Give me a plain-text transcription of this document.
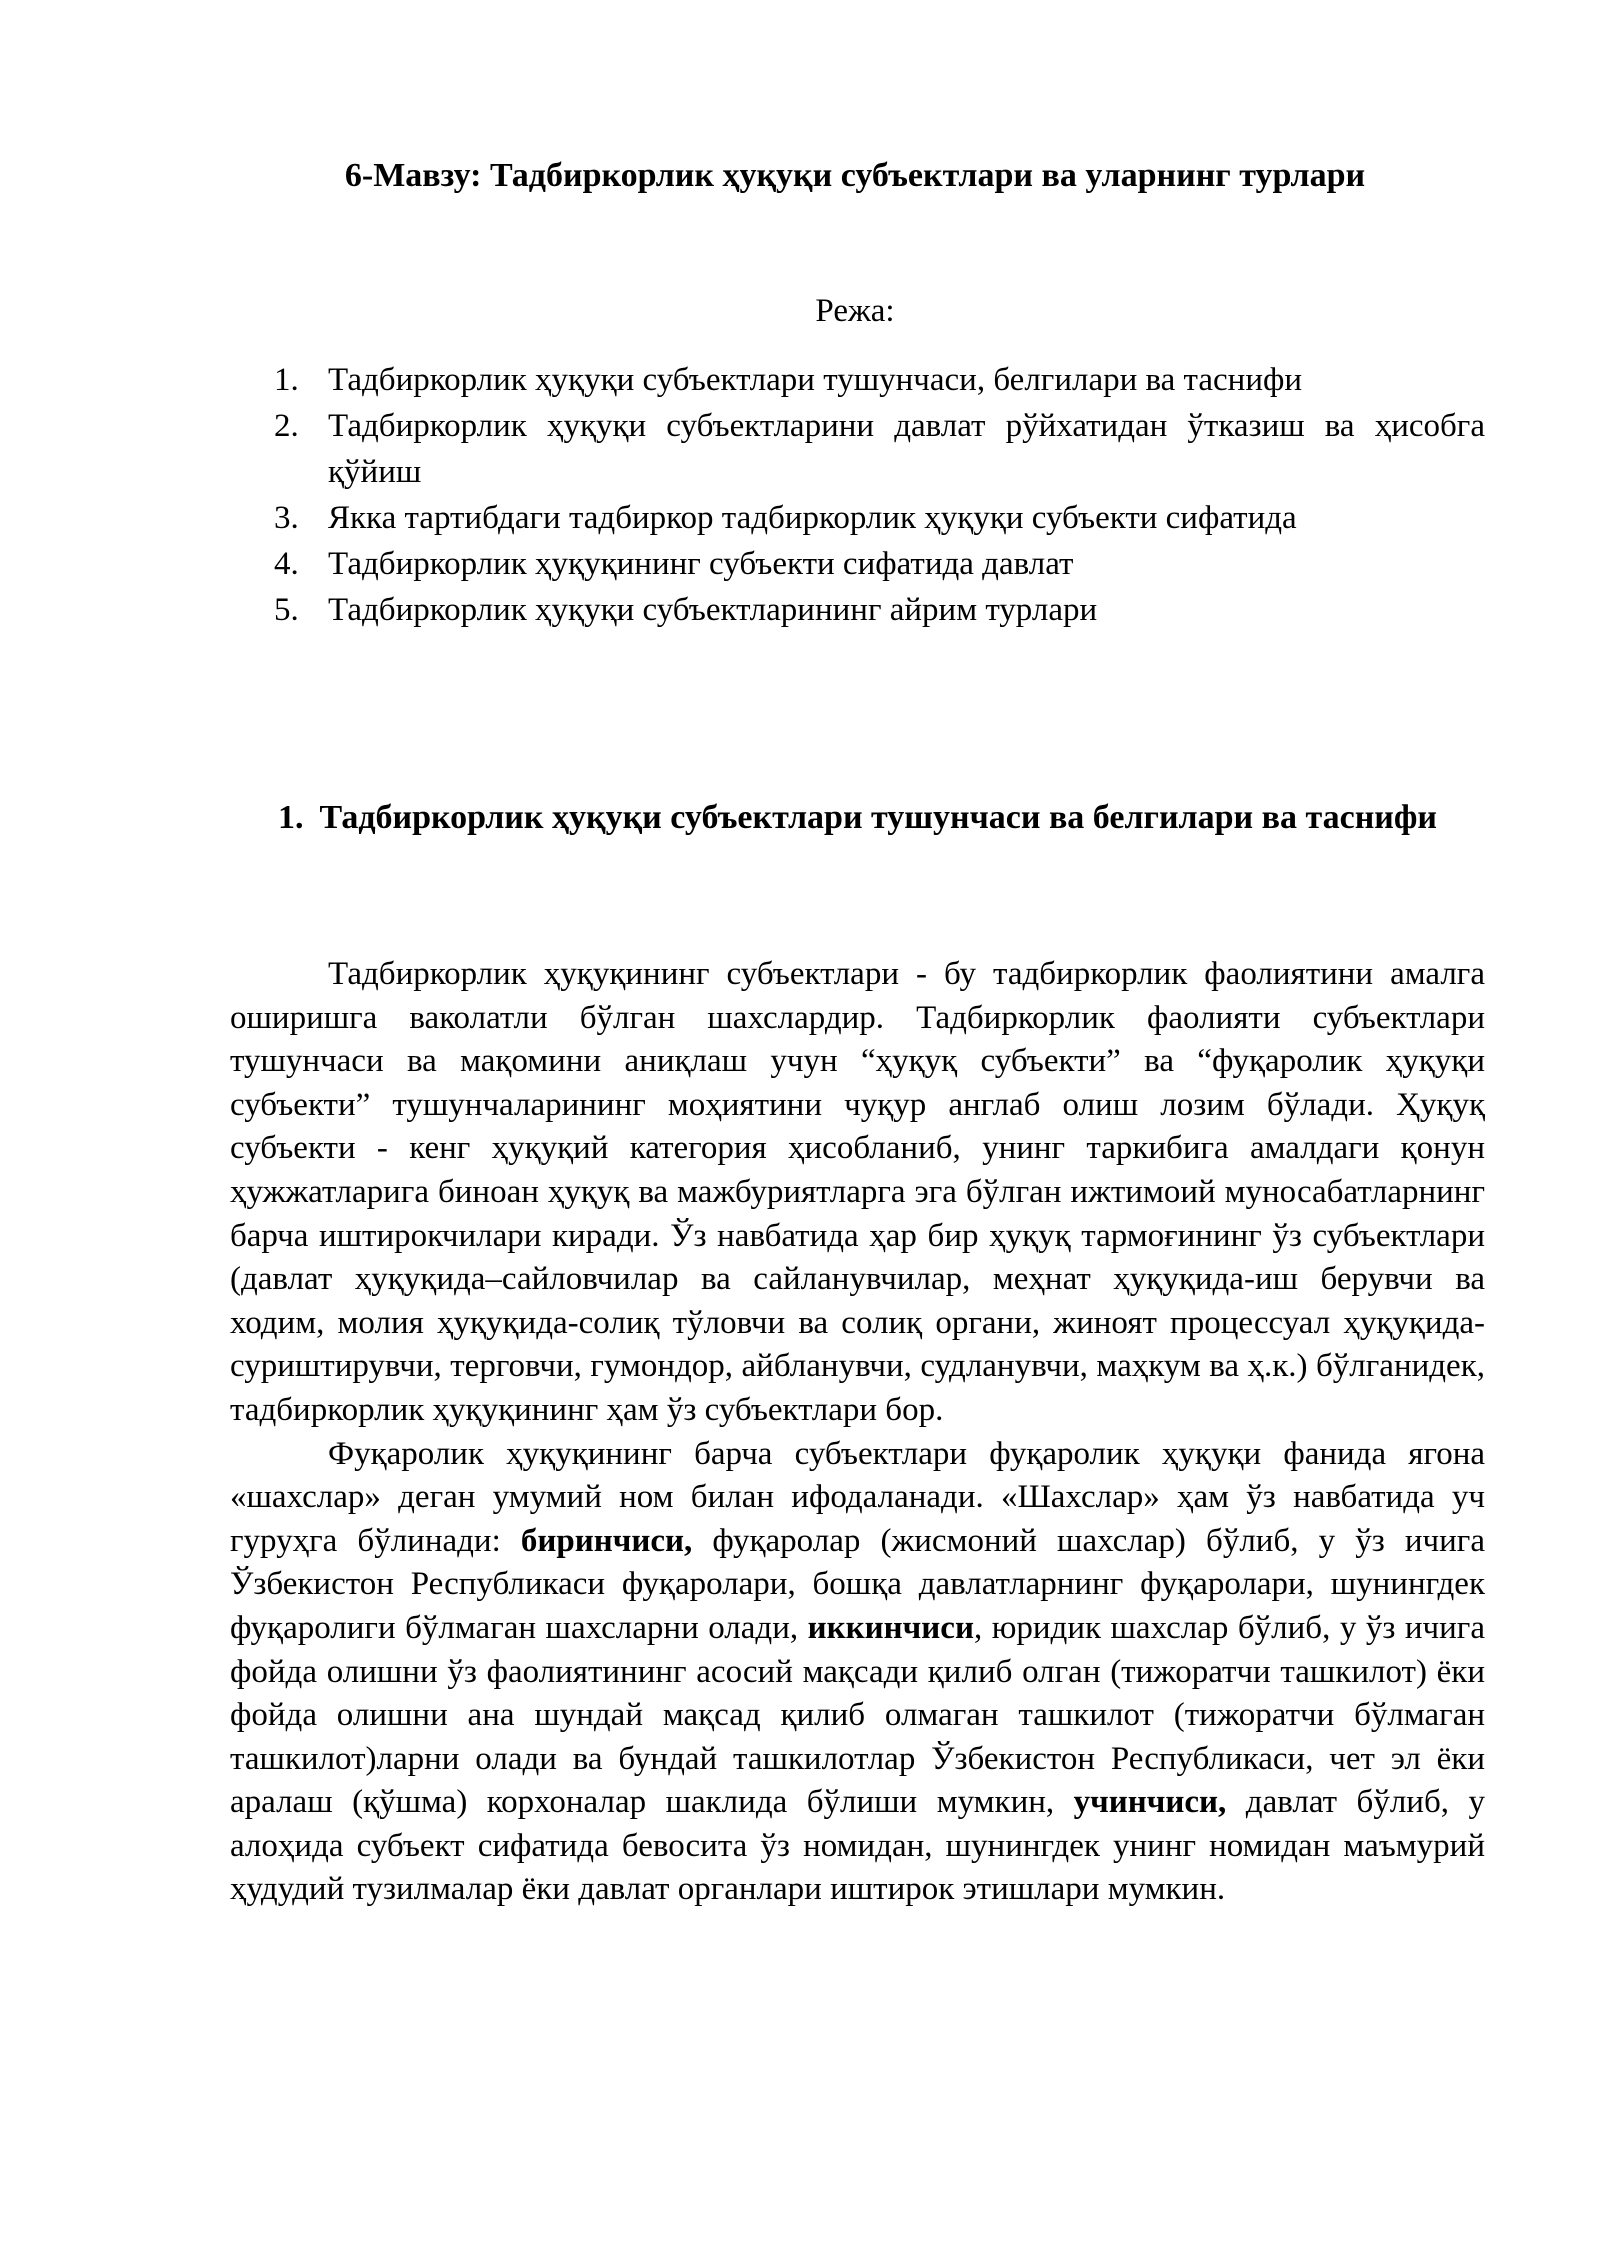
6-Мавзу: Тадбиркорлик ҳуқуқи субъектлари ва уларнинг турлари
Режа:
1. Тадбиркорлик ҳуқуқи субъектлари тушунчаси, белгилари ва таснифи
2. Тадбиркорлик ҳуқуқи субъектларини давлат рўйхатидан ўтказиш ва ҳисобга қўйиш
3. Якка тартибдаги тадбиркор тадбиркорлик ҳуқуқи субъекти сифатида
4. Тадбиркорлик ҳуқуқининг субъекти сифатида давлат
5. Тадбиркорлик ҳуқуқи субъектларининг айрим турлари
1. Тадбиркорлик ҳуқуқи субъектлари тушунчаси ва белгилари ва таснифи

Тадбиркорлик ҳуқуқининг субъектлари - бу тадбиркорлик фаолиятини амалга оширишга ваколатли бўлган шахслардир. Тадбиркорлик фаолияти субъектлари тушунчаси ва мақомини аниқлаш учун “ҳуқуқ субъекти” ва “фуқаролик ҳуқуқи субъекти” тушунчаларининг моҳиятини чуқур англаб олиш лозим бўлади. Ҳуқуқ субъекти - кенг ҳуқуқий категория ҳисобланиб, унинг таркибига амалдаги қонун ҳужжатларига биноан ҳуқуқ ва мажбуриятларга эга бўлган ижтимоий муносабатларнинг барча иштирокчилари киради. Ўз навбатида ҳар бир ҳуқуқ тармоғининг ўз субъектлари (давлат ҳуқуқида–сайловчилар ва сайланувчилар, меҳнат ҳуқуқида-иш берувчи ва ходим, молия ҳуқуқида-солиқ тўловчи ва солиқ органи, жиноят процессуал ҳуқуқида-суриштирувчи, терговчи, гумондор, айбланувчи, судланувчи, маҳкум ва ҳ.к.) бўлганидек, тадбиркорлик ҳуқуқининг ҳам ўз субъектлари бор.

Фуқаролик ҳуқуқининг барча субъектлари фуқаролик ҳуқуқи фанида ягона «шахслар» деган умумий ном билан ифодаланади. «Шахслар» ҳам ўз навбатида уч гуруҳга бўлинади: биринчиси, фуқаролар (жисмоний шахслар) бўлиб, у ўз ичига Ўзбекистон Республикаси фуқаролари, бошқа давлатларнинг фуқаролари, шунингдек фуқаролиги бўлмаган шахсларни олади, иккинчиси, юридик шахслар бўлиб, у ўз ичига фойда олишни ўз фаолиятининг асосий мақсади қилиб олган (тижоратчи ташкилот) ёки фойда олишни ана шундай мақсад қилиб олмаган ташкилот (тижоратчи бўлмаган ташкилот)ларни олади ва бундай ташкилотлар Ўзбекистон Республикаси, чет эл ёки аралаш (қўшма) корхоналар шаклида бўлиши мумкин, учинчиси, давлат бўлиб, у алоҳида субъект сифатида бевосита ўз номидан, шунингдек унинг номидан маъмурий ҳудудий тузилмалар ёки давлат органлари иштирок этишлари мумкин.
